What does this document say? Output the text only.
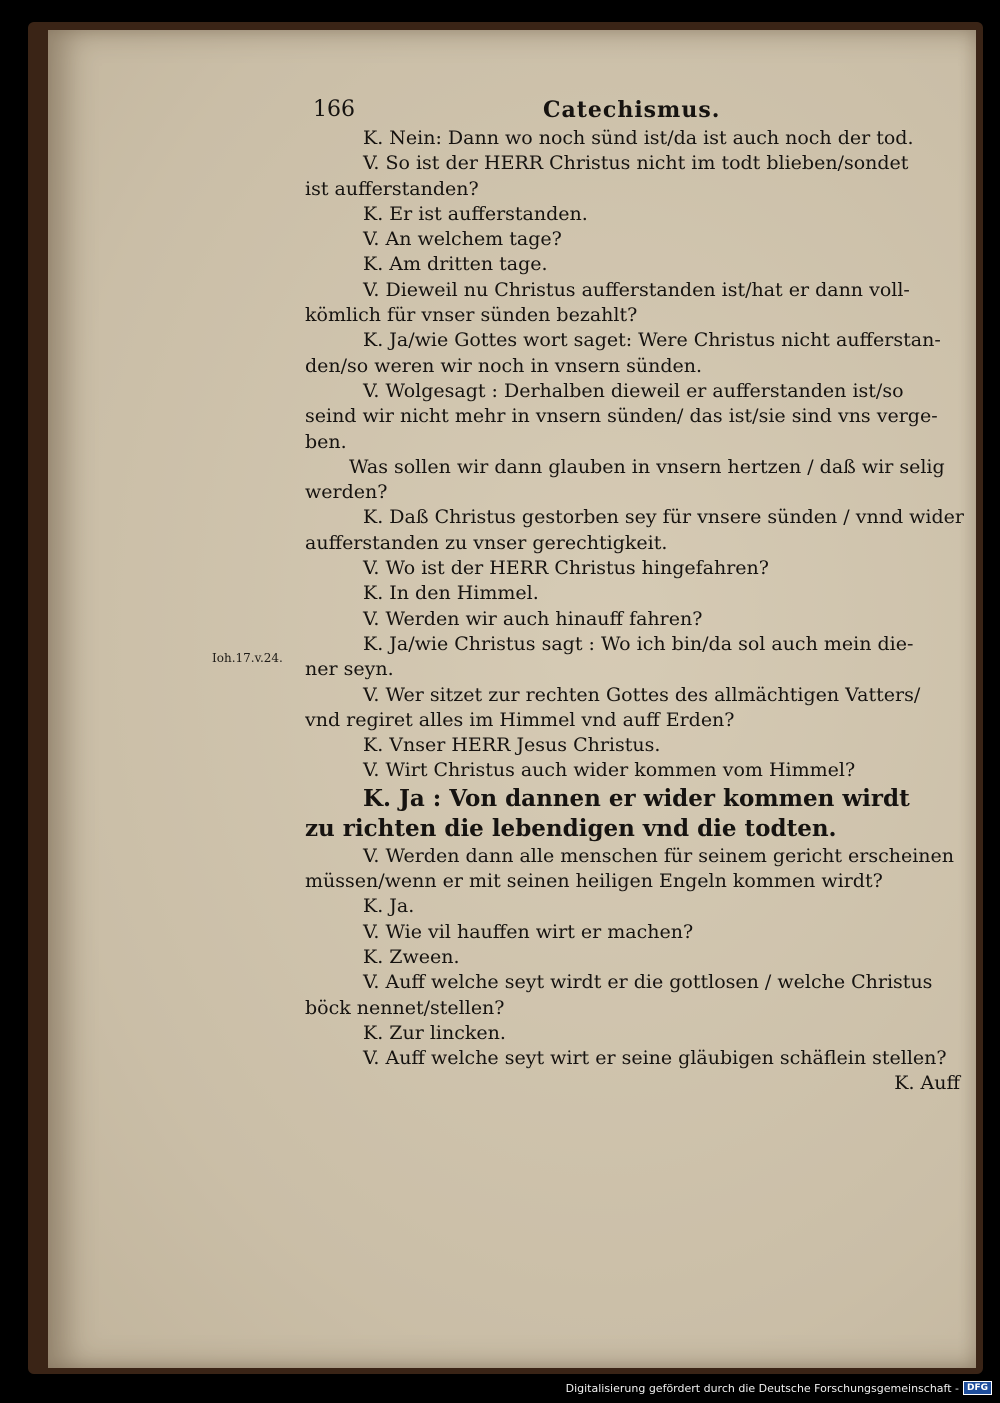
Ioh.17.v.24.
166	Catechismus.
K. Nein: Dann wo noch sünd ist/da ist auch noch der tod.
V. So ist der HERR Christus nicht im todt blieben/sondet
ist aufferstanden?
K. Er ist aufferstanden.
V. An welchem tage?
K. Am dritten tage.
V. Dieweil nu Christus aufferstanden ist/hat er dann voll-
kömlich für vnser sünden bezahlt?
K. Ja/wie Gottes wort saget: Were Christus nicht aufferstan-
den/so weren wir noch in vnsern sünden.
V. Wolgesagt : Derhalben dieweil er aufferstanden ist/so
seind wir nicht mehr in vnsern sünden/ das ist/sie sind vns verge-
ben.
Was sollen wir dann glauben in vnsern hertzen / daß wir selig
werden?
K. Daß Christus gestorben sey für vnsere sünden / vnnd wider
aufferstanden zu vnser gerechtigkeit.
V. Wo ist der HERR Christus hingefahren?
K. In den Himmel.
V. Werden wir auch hinauff fahren?
K. Ja/wie Christus sagt : Wo ich bin/da sol auch mein die-
ner seyn.
V. Wer sitzet zur rechten Gottes des allmächtigen Vatters/
vnd regiret alles im Himmel vnd auff Erden?
K. Vnser HERR Jesus Christus.
V. Wirt Christus auch wider kommen vom Himmel?
K. Ja : Von dannen er wider kommen wirdt
zu richten die lebendigen vnd die todten.
V. Werden dann alle menschen für seinem gericht erscheinen
müssen/wenn er mit seinen heiligen Engeln kommen wirdt?
K. Ja.
V. Wie vil hauffen wirt er machen?
K. Zween.
V. Auff welche seyt wirdt er die gottlosen / welche Christus
böck nennet/stellen?
K. Zur lincken.
V. Auff welche seyt wirt er seine gläubigen schäflein stellen?
K. Auff
Digitalisierung gefördert durch die Deutsche Forschungsgemeinschaft - DFG
